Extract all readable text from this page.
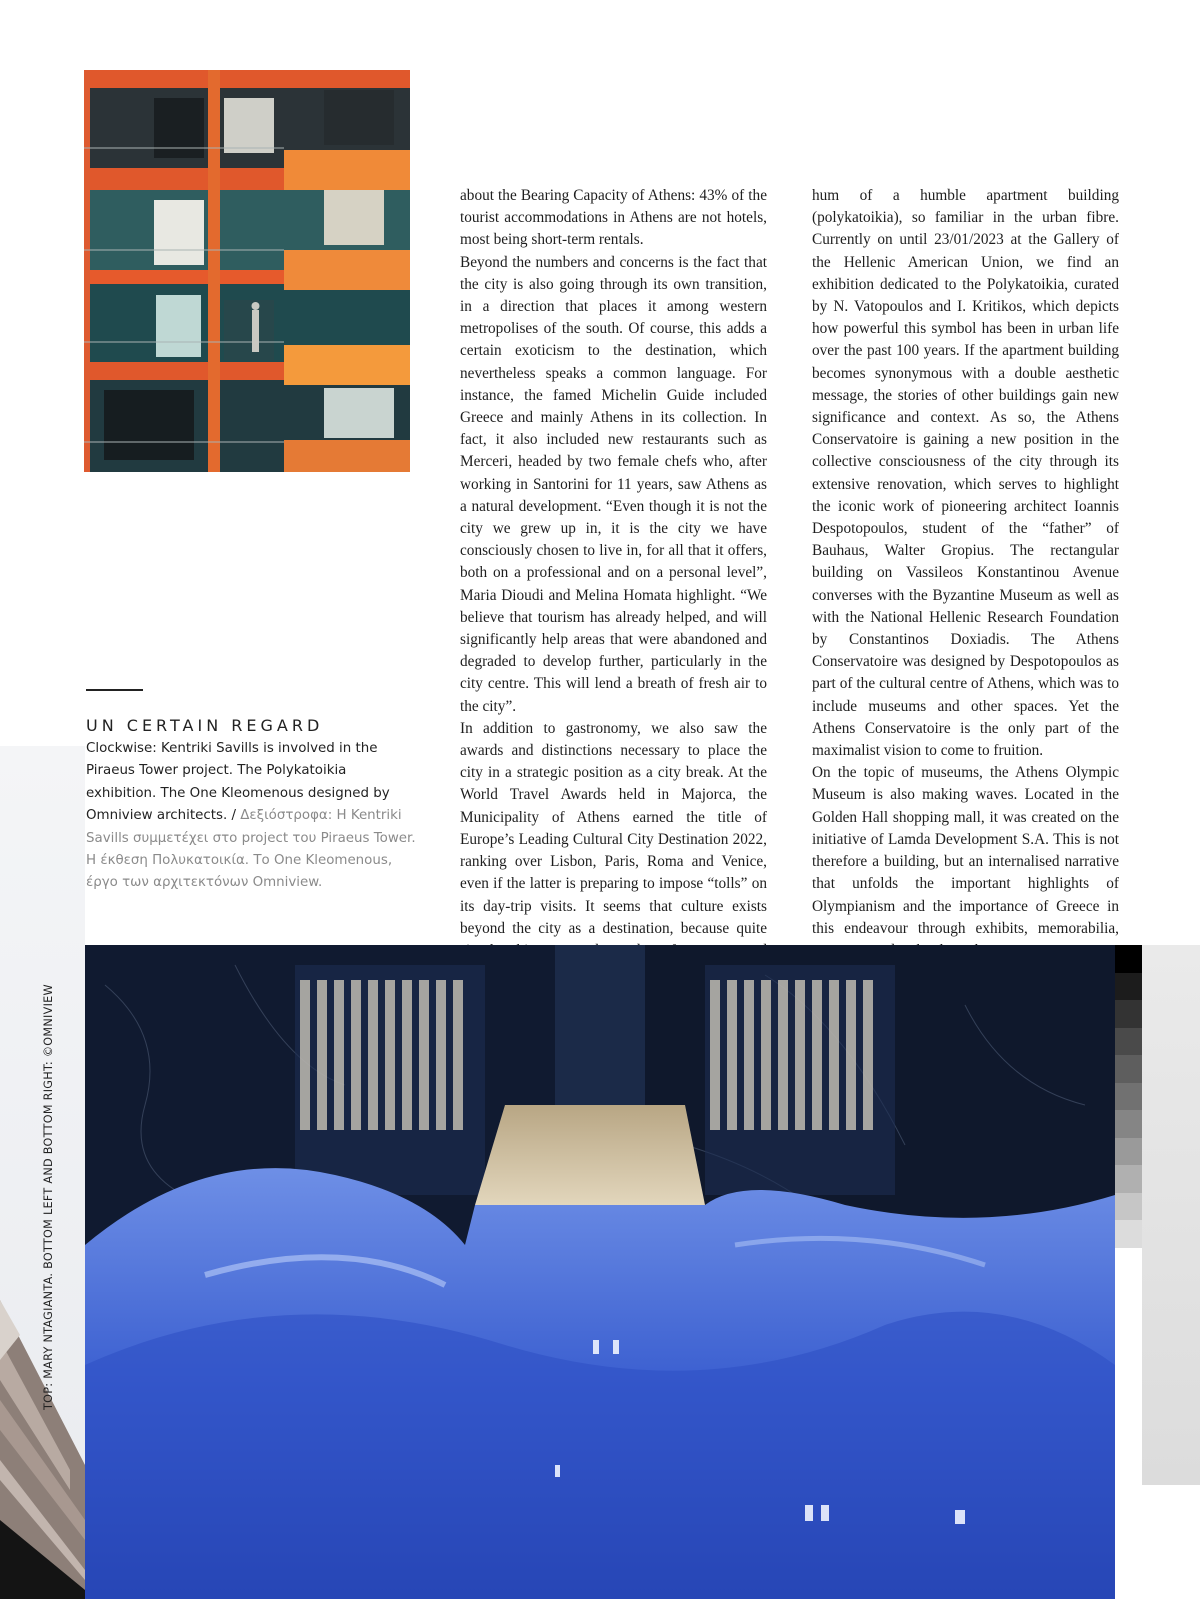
TOP: MARY NTAGIANTA. BOTTOM LEFT AND BOTTOM RIGHT: ©OMNIVIEW
UN CERTAIN REGARD
Clockwise: Kentriki Savills is involved in the Piraeus Tower project. The Polykatoikia exhibition. The One Kleomenous designed by Omniview architects. / Δεξιόστροφα: Η Kentriki Savills συμμετέχει στο project του Piraeus Tower. Η έκθεση Πολυκατοικία. Το One Kleomenous, έργο των αρχιτεκτόνων Omniview.

about the Bearing Capacity of Athens: 43% of the tourist accommodations in Athens are not hotels, most being short-term rentals.

Beyond the numbers and concerns is the fact that the city is also going through its own transition, in a direction that places it among western metropolises of the south. Of course, this adds a certain exoticism to the destination, which nevertheless speaks a common language. For instance, the famed Michelin Guide included Greece and mainly Athens in its collection. In fact, it also included new restaurants such as Merceri, headed by two female chefs who, after working in Santorini for 11 years, saw Athens as a natural development. “Even though it is not the city we grew up in, it is the city we have consciously chosen to live in, for all that it offers, both on a professional and on a personal level”, Maria Dioudi and Melina Homata highlight. “We believe that tourism has already helped, and will significantly help areas that were abandoned and degraded to develop further, particularly in the city centre. This will lend a breath of fresh air to the city”.

In addition to gastronomy, we also saw the awards and distinctions necessary to place the city in a strategic position as a city break. At the World Travel Awards held in Majorca, the Municipality of Athens earned the title of Europe’s Leading Cultural City Destination 2022, ranking over Lisbon, Paris, Roma and Venice, even if the latter is preparing to impose “tolls” on its day-trip visits. It seems that culture exists beyond the city as a destination, because quite

hum of a humble apartment building (polykatoikia), so familiar in the urban fibre. Currently on until 23/01/2023 at the Gallery of the Hellenic American Union, we find an exhibition dedicated to the Polykatoikia, curated by N. Vatopoulos and I. Kritikos, which depicts how powerful this symbol has been in urban life over the past 100 years. If the apartment building becomes synonymous with a double aesthetic message, the stories of other buildings gain new significance and context. As so, the Athens Conservatoire is gaining a new position in the collective consciousness of the city through its extensive renovation, which serves to highlight the iconic work of pioneering architect Ioannis Despotopoulos, student of the “father” of Bauhaus, Walter Gropius. The rectangular building on Vassileos Konstantinou Avenue converses with the Byzantine Museum as well as with the National Hellenic Research Foundation by Constantinos Doxiadis. The Athens Conservatoire was designed by Despotopoulos as part of the cultural centre of Athens, which was to include museums and other spaces. Yet the Athens Conservatoire is the only part of the maximalist vision to come to fruition.

On the topic of museums, the Athens Olympic Museum is also making waves. Located in the Golden Hall shopping mall, it was created on the initiative of Lamda Development S.A. This is not therefore a building, but an internalised narrative that unfolds the important highlights of Olympianism and the importance of Greece in this endeavour through exhibits, memorabilia,
